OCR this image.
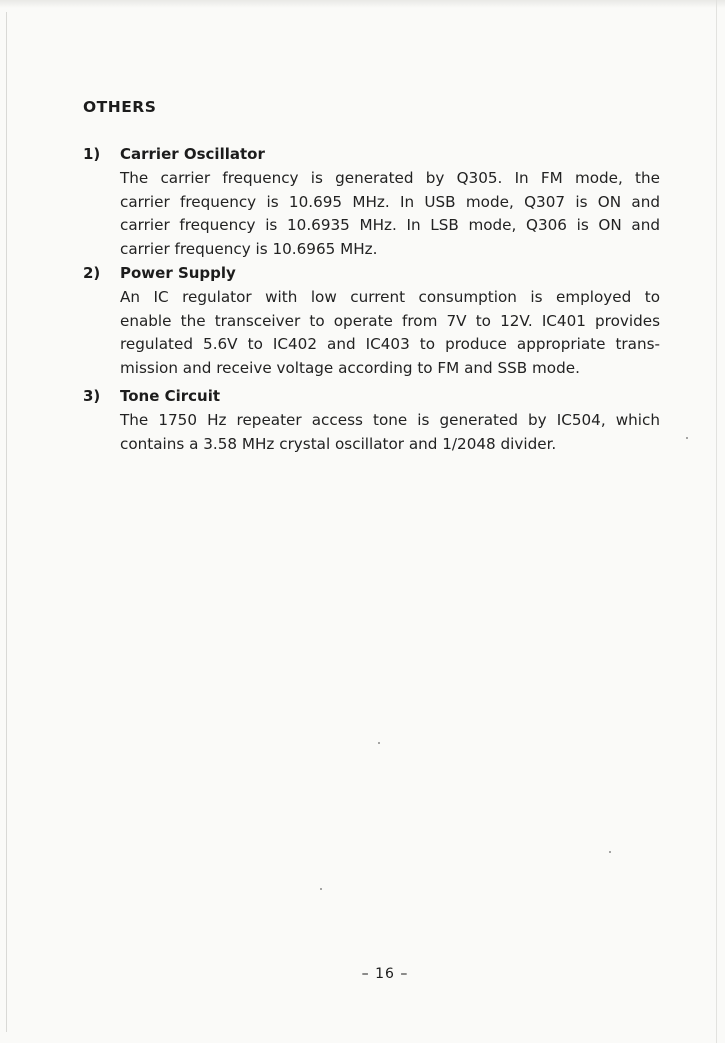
OTHERS
1)	Carrier Oscillator

The carrier frequency is generated by Q305. In FM mode, the
carrier frequency is 10.695 MHz. In USB mode, Q307 is ON and
carrier frequency is 10.6935 MHz. In LSB mode, Q306 is ON and
carrier frequency is 10.6965 MHz.

2)	Power Supply

An IC regulator with low current consumption is employed to
enable the transceiver to operate from 7V to 12V. IC401 provides
regulated 5.6V to IC402 and IC403 to produce appropriate trans-
mission and receive voltage according to FM and SSB mode.

3)	Tone Circuit

The 1750 Hz repeater access tone is generated by IC504, which
contains a 3.58 MHz crystal oscillator and 1/2048 divider.

– 16 –
